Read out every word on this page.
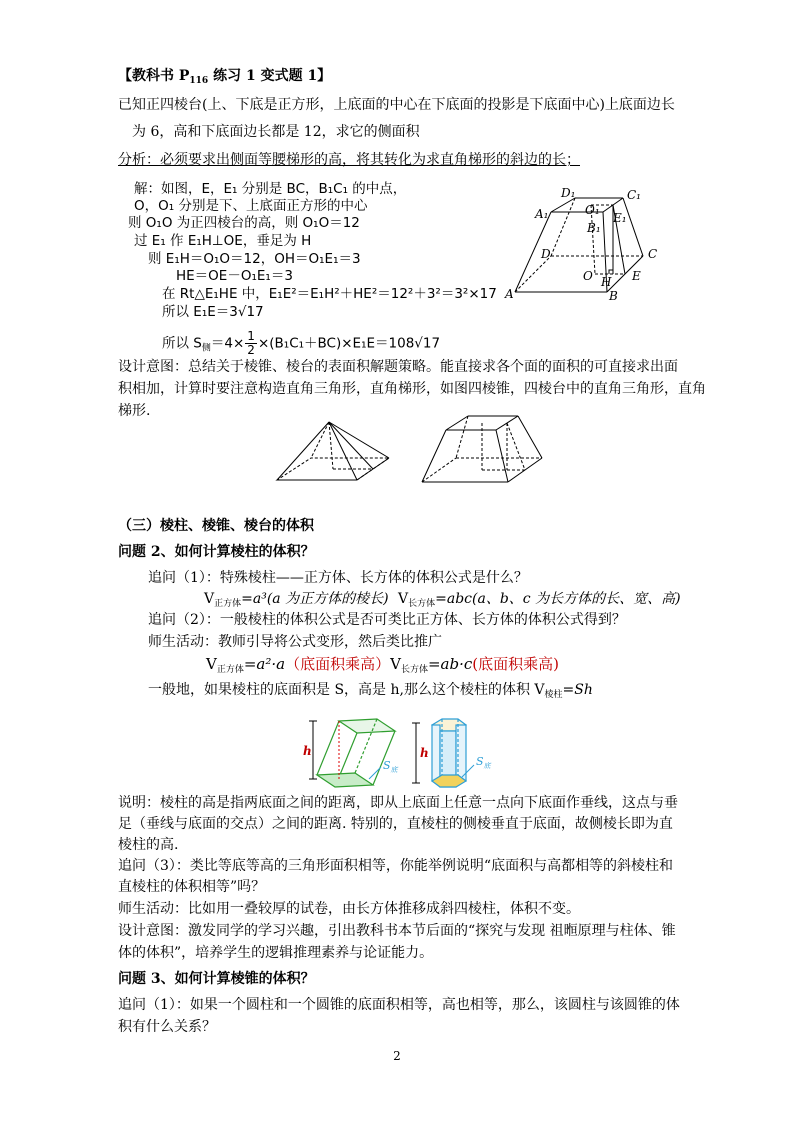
【教科书 $P_{116}$ 练习 1 变式题 1】
已知正四棱台(上、下底是正方形，上底面的中心在下底面的投影是下底面中心)上底面边长
为 6，高和下底面边长都是 12，求它的侧面积
分析：必须要求出侧面等腰梯形的高，将其转化为求直角梯形的斜边的长；
解：如图，E，E₁ 分别是 BC，B₁C₁ 的中点，
O，O₁ 分别是下、上底面正方形的中心
则 O₁O 为正四棱台的高，则 O₁O＝12
过 E₁ 作 E₁H⊥OE，垂足为 H
则 E₁H＝O₁O＝12，OH＝O₁E₁＝3
HE＝OE－O₁E₁＝3
在 Rt△E₁HE 中，E₁E²＝E₁H²＋HE²＝12²＋3²＝3²×17
所以 E₁E＝3√17
所以 $S_侧=4\times \frac{1}{2} \times(B_1C_1+BC)\times E_1E=108√17$
D₁	C₁
A₁	O₁
E₁
B₁
D	C
O	E
H
A	B
设计意图：总结关于棱锥、棱台的表面积解题策略。能直接求各个面的面积的可直接求出面
积相加，计算时要注意构造直角三角形，直角梯形，如图四棱锥，四棱台中的直角三角形，直角
梯形.
（三）棱柱、棱锥、棱台的体积
问题 2、如何计算棱柱的体积？
追问（1）：特殊棱柱——正方体、长方体的体积公式是什么？
$V_{正方体}=a^3(a$ 为正方体的棱长) $V_{长方体}=abc(a$、b、c 为长方体的长、宽、高)
追问（2）：一般棱柱的体积公式是否可类比正方体、长方体的体积公式得到？
师生活动：教师引导将公式变形，然后类比推广
$V_{正方体}=a^2\cdot a$（底面积乘高）$V_{长方体}=ab\cdot c$(底面积乘高)
一般地，如果棱柱的底面积是 S，高是 h,那么这个棱柱的体积 $V_{棱柱}=Sh$
h
$S_底$
h
$S_底$
说明：棱柱的高是指两底面之间的距离，即从上底面上任意一点向下底面作垂线，这点与垂
足（垂线与底面的交点）之间的距离. 特别的，直棱柱的侧棱垂直于底面，故侧棱长即为直
棱柱的高.
追问（3）：类比等底等高的三角形面积相等，你能举例说明“底面积与高都相等的斜棱柱和
直棱柱的体积相等”吗？
师生活动：比如用一叠较厚的试卷，由长方体推移成斜四棱柱，体积不变。
设计意图：激发同学的学习兴趣，引出教科书本节后面的“探究与发现 祖暅原理与柱体、锥
体的体积”，培养学生的逻辑推理素养与论证能力。
问题 3、如何计算棱锥的体积？
追问（1）：如果一个圆柱和一个圆锥的底面积相等，高也相等，那么，该圆柱与该圆锥的体
积有什么关系？
2
